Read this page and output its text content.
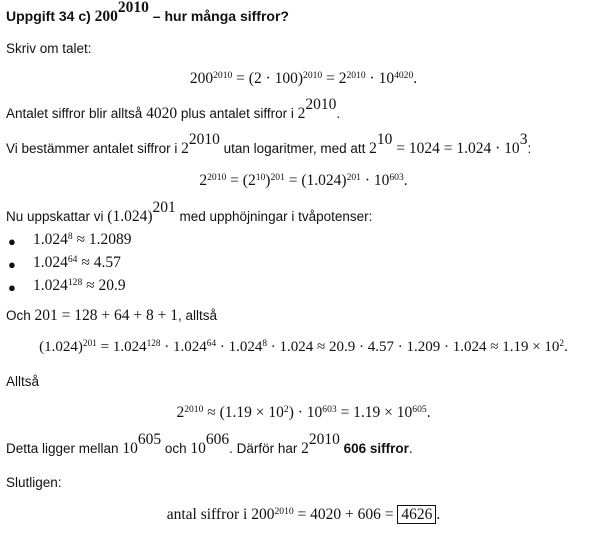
Uppgift 34 c) $200^{2010}$ – hur många siffror?
Skriv om talet:
$200^{2010} = (2 \cdot 100)^{2010} = 2^{2010} \cdot 10^{4020}$.
Antalet siffror blir alltså 4020 plus antalet siffror i $2^{2010}$.
Vi bestämmer antalet siffror i $2^{2010}$ utan logaritmer, med att $2^{10} = 1024 = 1.024 \cdot 10^3$:
$2^{2010} = (2^{10})^{201} = (1.024)^{201} \cdot 10^{603}$.
Nu uppskattar vi $(1.024)^{201}$ med upphöjningar i tvåpotenser:
● $1.024^8 \approx 1.2089$
● $1.024^{64} \approx 4.57$
● $1.024^{128} \approx 20.9$
Och 201 = 128 + 64 + 8 + 1, alltså
$(1.024)^{201} = 1.024^{128} \cdot 1.024^{64} \cdot 1.024^8 \cdot 1.024 \approx 20.9 \cdot 4.57 \cdot 1.209 \cdot 1.024 \approx 1.19 \times 10^2$.
Alltså
$2^{2010} \approx (1.19 \times 10^2) \cdot 10^{603} = 1.19 \times 10^{605}$.
Detta ligger mellan $10^{605}$ och $10^{606}$. Därför har $2^{2010}$ 606 siffror.
Slutligen:
antal siffror i $200^{2010} = 4020 + 606 = 4626$ .
